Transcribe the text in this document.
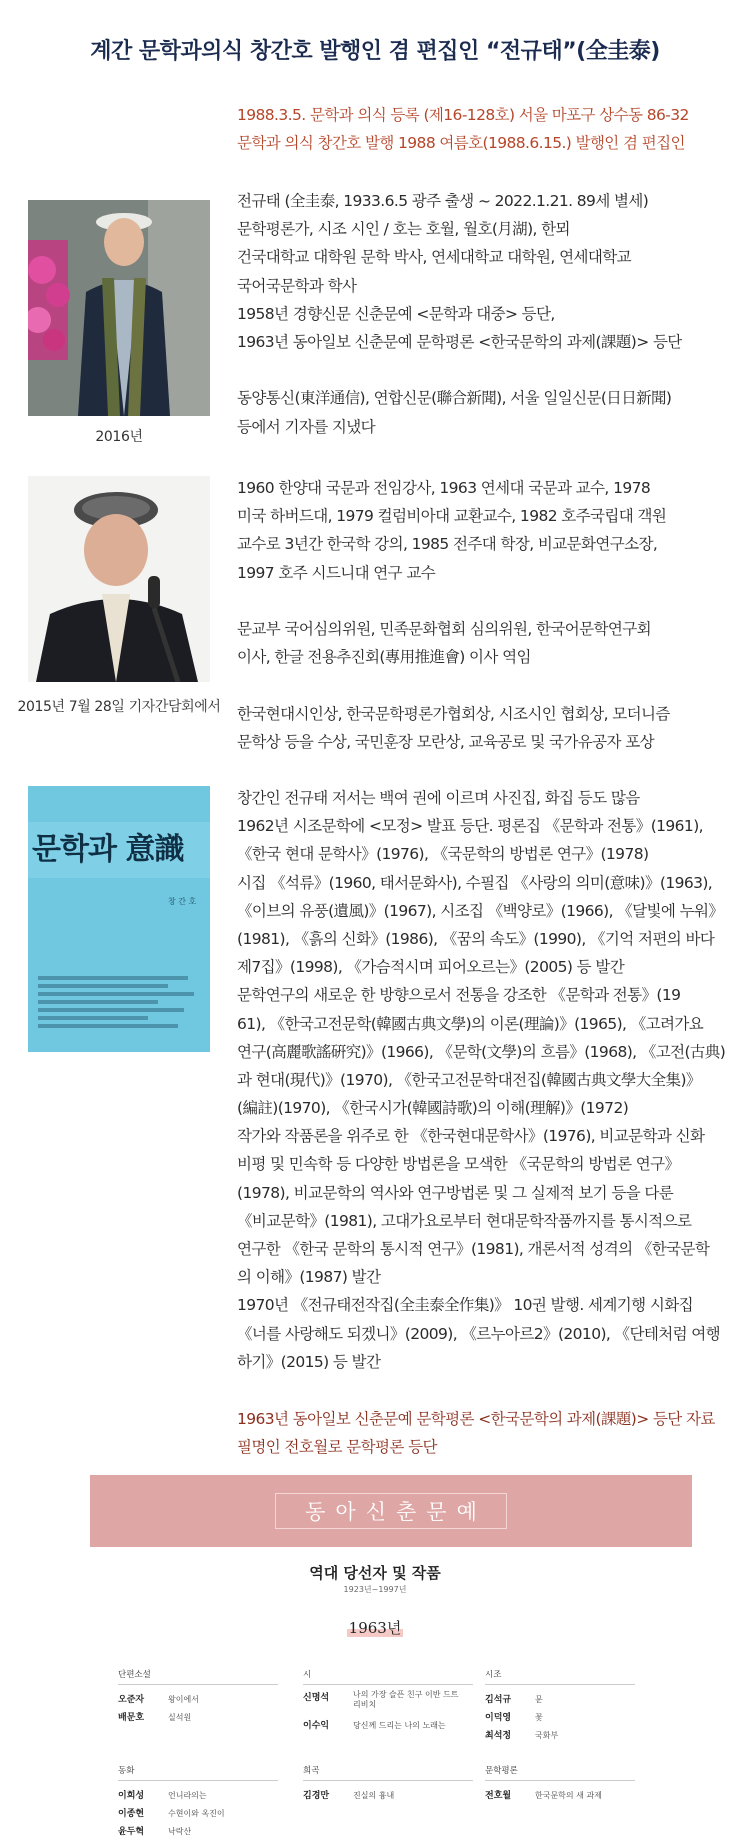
계간 문학과의식 창간호 발행인 겸 편집인 “전규태”(全圭泰)
1988.3.5. 문학과 의식 등록 (제16-128호) 서울 마포구 상수동 86-32
문학과 의식 창간호 발행 1988 여름호(1988.6.15.) 발행인 겸 편집인
2016년
전규태 (全圭泰, 1933.6.5 광주 출생 ~ 2022.1.21. 89세 별세)
문학평론가, 시조 시인 / 호는 호월, 월호(月湖), 한뫼
건국대학교 대학원 문학 박사, 연세대학교 대학원, 연세대학교
국어국문학과 학사
1958년 경향신문 신춘문예 <문학과 대중> 등단,
1963년 동아일보 신춘문예 문학평론 <한국문학의 과제(課題)> 등단
동양통신(東洋通信), 연합신문(聯合新聞), 서울 일일신문(日日新聞)
등에서 기자를 지냈다
2015년 7월 28일 기자간담회에서
1960 한양대 국문과 전임강사, 1963 연세대 국문과 교수, 1978
미국 하버드대, 1979 컬럼비아대 교환교수, 1982 호주국립대 객원
교수로 3년간 한국학 강의, 1985 전주대 학장, 비교문화연구소장,
1997 호주 시드니대 연구 교수
문교부 국어심의위원, 민족문화협회 심의위원, 한국어문학연구회
이사, 한글 전용추진회(專用推進會) 이사 역임
한국현대시인상, 한국문학평론가협회상, 시조시인 협회상, 모더니즘
문학상 등을 수상, 국민훈장 모란상, 교육공로 및 국가유공자 포상
문학과 意識
창 간 호
창간인 전규태 저서는 백여 권에 이르며 사진집, 화집 등도 많음
1962년 시조문학에 <모정> 발표 등단. 평론집 《문학과 전통》(1961),
《한국 현대 문학사》(1976), 《국문학의 방법론 연구》(1978)
시집 《석류》(1960, 태서문화사), 수필집 《사랑의 의미(意味)》(1963),
《이브의 유풍(遺風)》(1967), 시조집 《백양로》(1966), 《달빛에 누워》
(1981), 《흙의 신화》(1986), 《꿈의 속도》(1990), 《기억 저편의 바다
제7집》(1998), 《가슴적시며 피어오르는》(2005) 등 발간
문학연구의 새로운 한 방향으로서 전통을 강조한 《문학과 전통》(19
61), 《한국고전문학(韓國古典文學)의 이론(理論)》(1965), 《고려가요
연구(高麗歌謠硏究)》(1966), 《문학(文學)의 흐름》(1968), 《고전(古典)
과 현대(現代)》(1970), 《한국고전문학대전집(韓國古典文學大全集)》
(編註)(1970), 《한국시가(韓國詩歌)의 이해(理解)》(1972)
작가와 작품론을 위주로 한 《한국현대문학사》(1976), 비교문학과 신화
비평 및 민속학 등 다양한 방법론을 모색한 《국문학의 방법론 연구》
(1978), 비교문학의 역사와 연구방법론 및 그 실제적 보기 등을 다룬
《비교문학》(1981), 고대가요로부터 현대문학작품까지를 통시적으로
연구한 《한국 문학의 통시적 연구》(1981), 개론서적 성격의 《한국문학
의 이해》(1987) 발간
1970년 《전규태전작집(全圭泰全作集)》 10권 발행. 세계기행 시화집
《너를 사랑해도 되겠니》(2009), 《르누아르2》(2010), 《단테처럼 여행
하기》(2015) 등 발간
1963년 동아일보 신춘문예 문학평론 <한국문학의 과제(課題)> 등단 자료
필명인 전호월로 문학평론 등단
동아신춘문예
역대 당선자 및 작품
1923년~1997년
1963년
단편소설
오준자	왕이에서
배문호	실석원
시
신명석	나의 가장 슬픈 친구 이반 드트 리비치
이수익	당신께 드리는 나의 노래는
시조
김석규	문
이덕영	꽃
최석정	국화부
동화
이희성	언니라의는
이종현	수현이와 옥진이
윤두혁	낙락산
희곡
김경만	진실의 흉내
문학평론
전호월	한국문학의 새 과제
